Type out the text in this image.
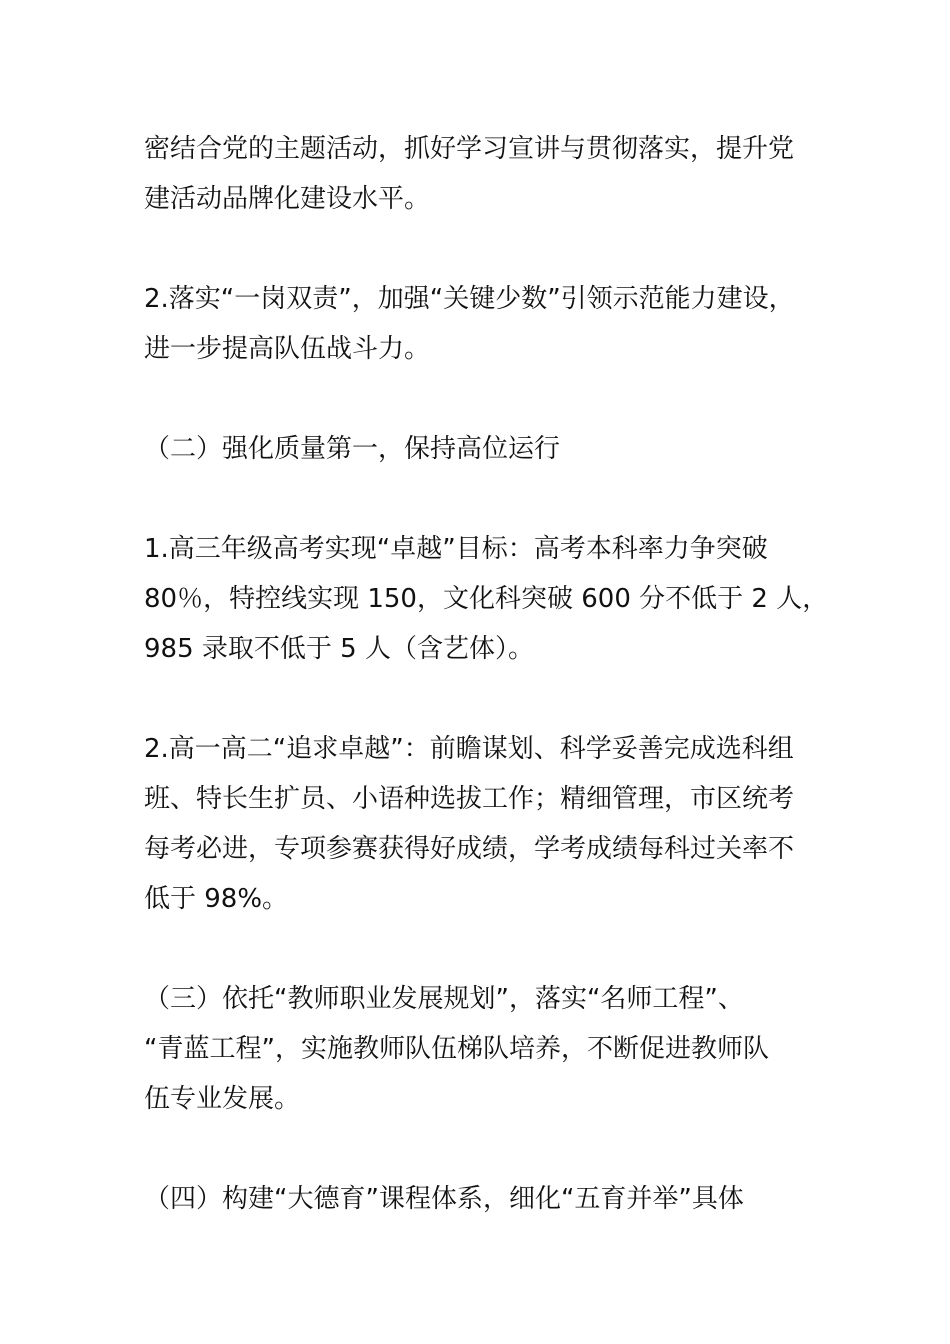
密结合党的主题活动，抓好学习宣讲与贯彻落实，提升党
建活动品牌化建设水平。

2.落实“一岗双责”，加强“关键少数”引领示范能力建设，
进一步提高队伍战斗力。

（二）强化质量第一，保持高位运行

1.高三年级高考实现“卓越”目标：高考本科率力争突破
80％，特控线实现 150，文化科突破 600 分不低于 2 人，
985 录取不低于 5 人（含艺体）。

2.高一高二“追求卓越”：前瞻谋划、科学妥善完成选科组
班、特长生扩员、小语种选拔工作；精细管理，市区统考
每考必进，专项参赛获得好成绩，学考成绩每科过关率不
低于 98%。

（三）依托“教师职业发展规划”，落实“名师工程”、
“青蓝工程”，实施教师队伍梯队培养，不断促进教师队
伍专业发展。

（四）构建“大德育”课程体系，细化“五育并举”具体
